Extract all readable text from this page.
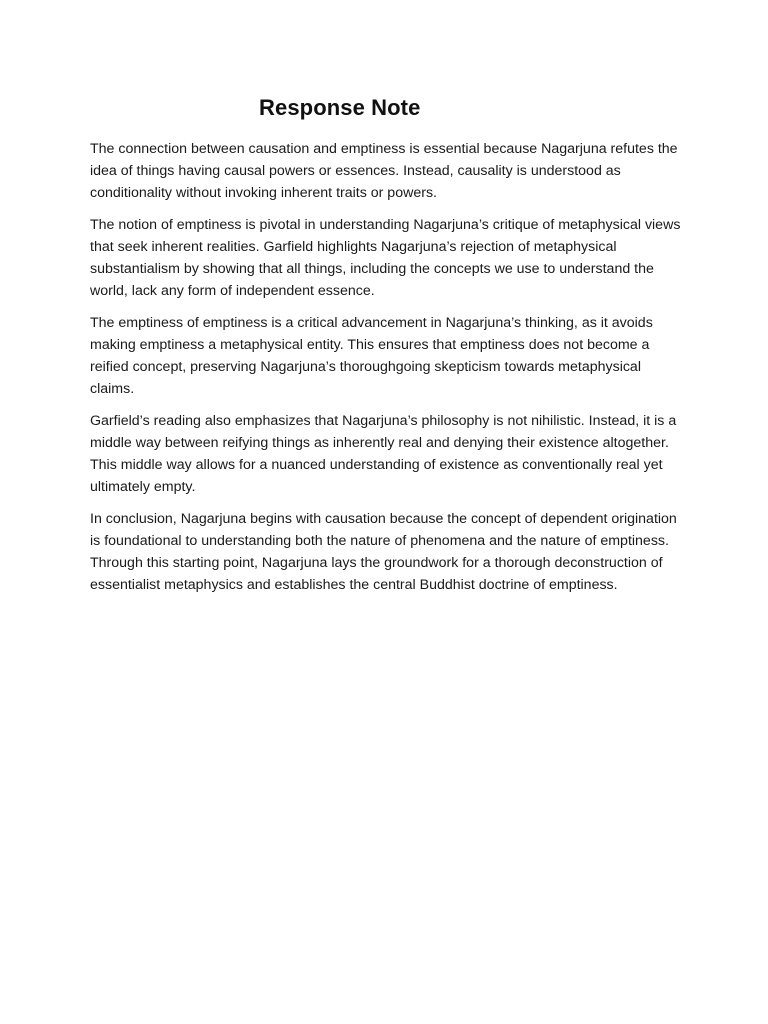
Response Note

The connection between causation and emptiness is essential because Nagarjuna refutes the idea of things having causal powers or essences. Instead, causality is understood as conditionality without invoking inherent traits or powers.

The notion of emptiness is pivotal in understanding Nagarjuna’s critique of metaphysical views that seek inherent realities. Garfield highlights Nagarjuna’s rejection of metaphysical substantialism by showing that all things, including the concepts we use to understand the world, lack any form of independent essence.

The emptiness of emptiness is a critical advancement in Nagarjuna’s thinking, as it avoids making emptiness a metaphysical entity. This ensures that emptiness does not become a reified concept, preserving Nagarjuna’s thoroughgoing skepticism towards metaphysical claims.

Garfield’s reading also emphasizes that Nagarjuna’s philosophy is not nihilistic. Instead, it is a middle way between reifying things as inherently real and denying their existence altogether. This middle way allows for a nuanced understanding of existence as conventionally real yet ultimately empty.

In conclusion, Nagarjuna begins with causation because the concept of dependent origination is foundational to understanding both the nature of phenomena and the nature of emptiness. Through this starting point, Nagarjuna lays the groundwork for a thorough deconstruction of essentialist metaphysics and establishes the central Buddhist doctrine of emptiness.
